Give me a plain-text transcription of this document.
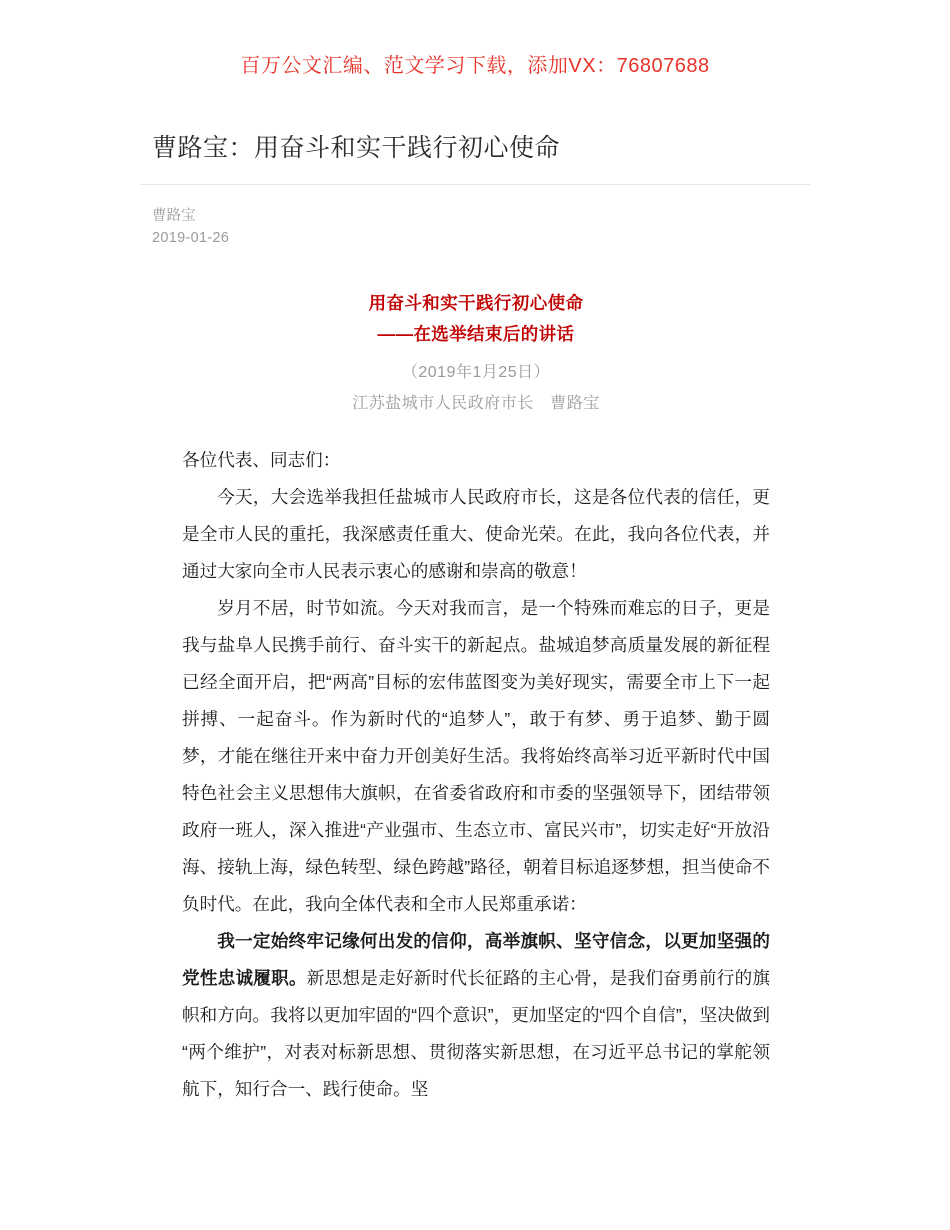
百万公文汇编、范文学习下载，添加VX：76807688
曹路宝：用奋斗和实干践行初心使命
曹路宝
2019-01-26
用奋斗和实干践行初心使命
——在选举结束后的讲话
（2019年1月25日）
江苏盐城市人民政府市长　曹路宝

各位代表、同志们：

今天，大会选举我担任盐城市人民政府市长，这是各位代表的信任，更是全市人民的重托，我深感责任重大、使命光荣。在此，我向各位代表，并通过大家向全市人民表示衷心的感谢和崇高的敬意！

岁月不居，时节如流。今天对我而言，是一个特殊而难忘的日子，更是我与盐阜人民携手前行、奋斗实干的新起点。盐城追梦高质量发展的新征程已经全面开启，把“两高”目标的宏伟蓝图变为美好现实，需要全市上下一起拼搏、一起奋斗。作为新时代的“追梦人”，敢于有梦、勇于追梦、勤于圆梦，才能在继往开来中奋力开创美好生活。我将始终高举习近平新时代中国特色社会主义思想伟大旗帜，在省委省政府和市委的坚强领导下，团结带领政府一班人，深入推进“产业强市、生态立市、富民兴市”，切实走好“开放沿海、接轨上海，绿色转型、绿色跨越”路径，朝着目标追逐梦想，担当使命不负时代。在此，我向全体代表和全市人民郑重承诺：

我一定始终牢记缘何出发的信仰，高举旗帜、坚守信念，以更加坚强的党性忠诚履职。新思想是走好新时代长征路的主心骨，是我们奋勇前行的旗帜和方向。我将以更加牢固的“四个意识”，更加坚定的“四个自信”，坚决做到“两个维护”，对表对标新思想、贯彻落实新思想，在习近平总书记的掌舵领航下，知行合一、践行使命。坚
